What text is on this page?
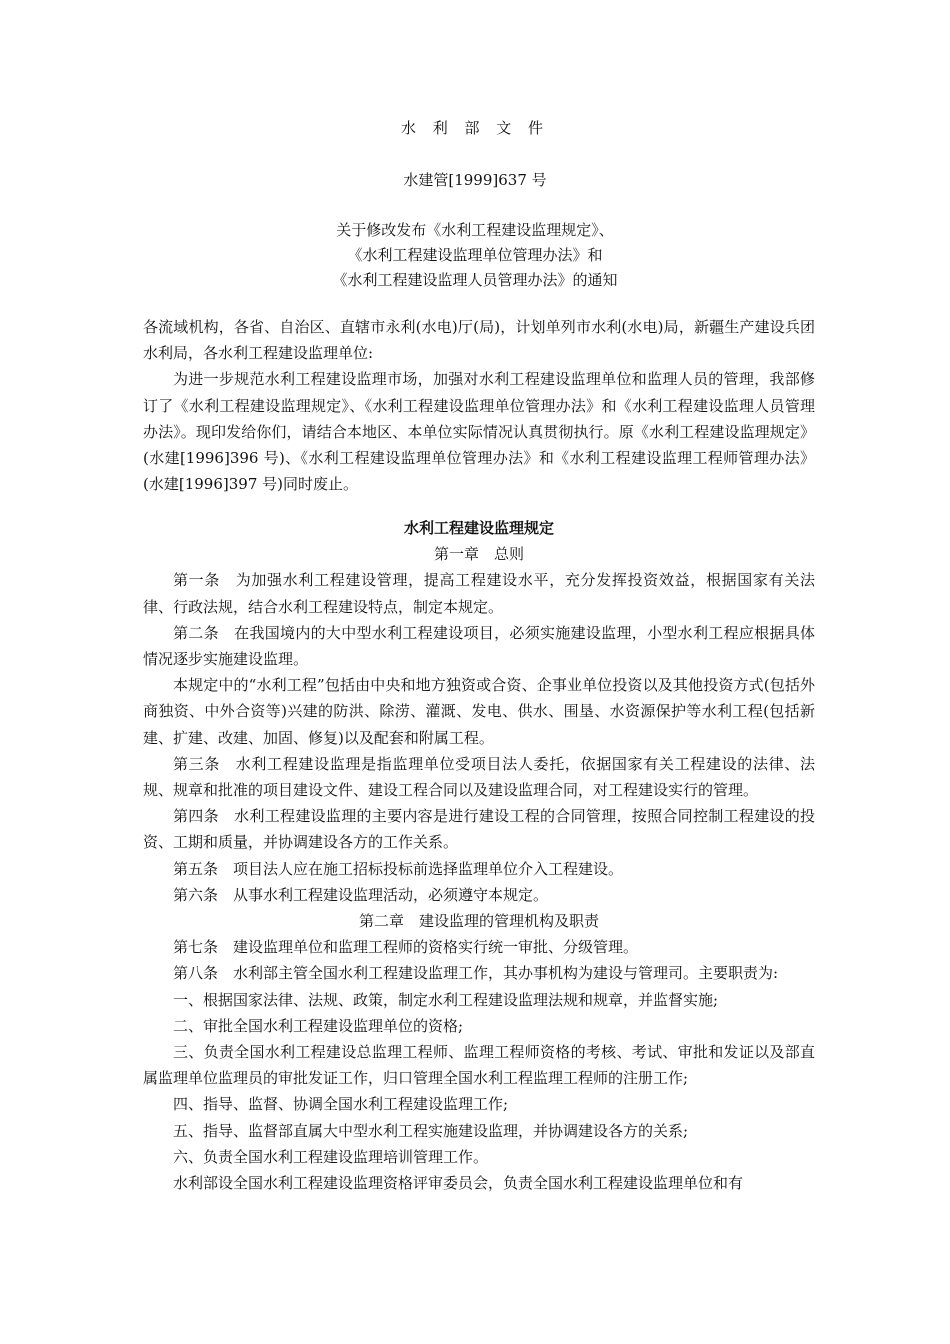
水 利 部 文 件
水建管[1999]637 号
关于修改发布《水利工程建设监理规定》、
《水利工程建设监理单位管理办法》和
《水利工程建设监理人员管理办法》的通知

各流域机构，各省、自治区、直辖市永利(水电)厅(局)，计划单列市水利(水电)局，新疆生产建设兵团水利局，各水利工程建设监理单位:

为进一步规范水利工程建设监理市场，加强对水利工程建设监理单位和监理人员的管理，我部修订了《水利工程建设监理规定》、《水利工程建设监理单位管理办法》和《水利工程建设监理人员管理办法》。现印发给你们，请结合本地区、本单位实际情况认真贯彻执行。原《水利工程建设监理规定》(水建[1996]396 号)、《水利工程建设监理单位管理办法》和《水利工程建设监理工程师管理办法》(水建[1996]397 号)同时废止。

水利工程建设监理规定

第一章　总则

第一条　为加强水利工程建设管理，提高工程建设水平，充分发挥投资效益，根据国家有关法律、行政法规，结合水利工程建设特点，制定本规定。

第二条　在我国境内的大中型水利工程建设项目，必须实施建设监理，小型水利工程应根据具体情况逐步实施建设监理。

本规定中的“水利工程”包括由中央和地方独资或合资、企事业单位投资以及其他投资方式(包括外商独资、中外合资等)兴建的防洪、除涝、灌溉、发电、供水、围垦、水资源保护等水利工程(包括新建、扩建、改建、加固、修复)以及配套和附属工程。

第三条　水利工程建设监理是指监理单位受项目法人委托，依据国家有关工程建设的法律、法规、规章和批准的项目建设文件、建设工程合同以及建设监理合同，对工程建设实行的管理。

第四条　水利工程建设监理的主要内容是进行建设工程的合同管理，按照合同控制工程建设的投资、工期和质量，并协调建设各方的工作关系。

第五条　项目法人应在施工招标投标前选择监理单位介入工程建设。

第六条　从事水利工程建设监理活动，必须遵守本规定。

第二章　建设监理的管理机构及职责

第七条　建设监理单位和监理工程师的资格实行统一审批、分级管理。

第八条　水利部主管全国水利工程建设监理工作，其办事机构为建设与管理司。主要职责为:

一、根据国家法律、法规、政策，制定水利工程建设监理法规和规章，并监督实施;

二、审批全国水利工程建设监理单位的资格;

三、负责全国水利工程建设总监理工程师、监理工程师资格的考核、考试、审批和发证以及部直属监理单位监理员的审批发证工作，归口管理全国水利工程监理工程师的注册工作;

四、指导、监督、协调全国水利工程建设监理工作;

五、指导、监督部直属大中型水利工程实施建设监理，并协调建设各方的关系;

六、负责全国水利工程建设监理培训管理工作。

水利部设全国水利工程建设监理资格评审委员会，负责全国水利工程建设监理单位和有
